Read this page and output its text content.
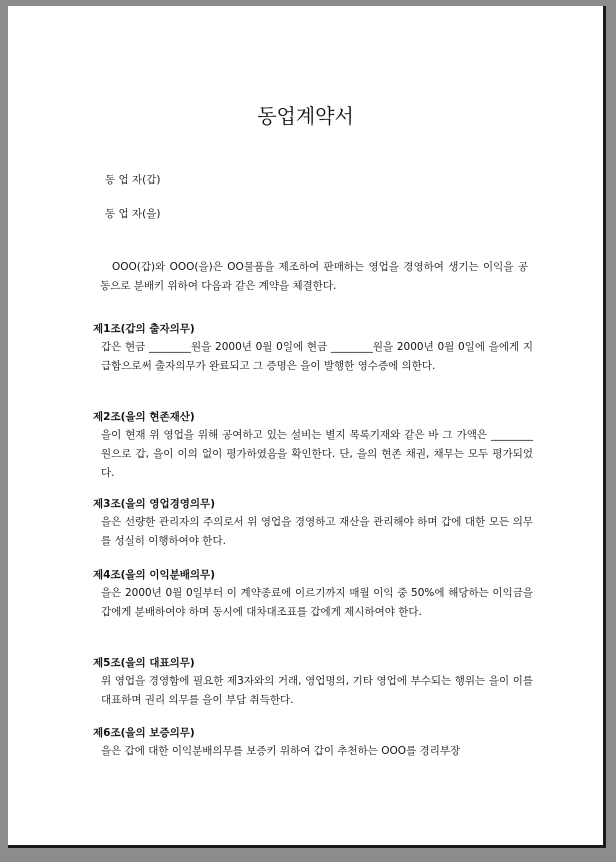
동업계약서
동 업 자(갑)
동 업 자(을)
OOO(갑)와 OOO(을)은 OO물품을 제조하여 판매하는 영업을 경영하여 생기는 이익을 공동으로 분배키 위하여 다음과 같은 계약을 체결한다.
제1조(갑의 출자의무)
갑은 현금 ________원을 2000년 0월 0일에 현금 ________원을 2000년 0월 0일에 을에게 지급함으로써 출자의무가 완료되고 그 증명은 을이 발행한 영수증에 의한다.
제2조(을의 현존재산)
을이 현재 위 영업을 위해 공여하고 있는 설비는 별지 목록기재와 같은 바 그 가액은 ________원으로 갑, 을이 이의 없이 평가하였음을 확인한다. 단, 을의 현존 채권, 채무는 모두 평가되었다.
제3조(을의 영업경영의무)
을은 선량한 관리자의 주의로서 위 영업을 경영하고 재산을 관리해야 하며 갑에 대한 모든 의무를 성실히 이행하여야 한다.
제4조(을의 이익분배의무)
을은 2000년 0월 0일부터 이 계약종료에 이르기까지 매월 이익 중 50%에 해당하는 이익금을 갑에게 분배하여야 하며 동시에 대차대조표를 갑에게 제시하여야 한다.
제5조(을의 대표의무)
위 영업을 경영함에 필요한 제3자와의 거래, 영업명의, 기타 영업에 부수되는 행위는 을이 이를 대표하며 권리 의무를 을이 부담 취득한다.
제6조(을의 보증의무)
을은 갑에 대한 이익분배의무를 보증키 위하여 갑이 추천하는 OOO를 경리부장
